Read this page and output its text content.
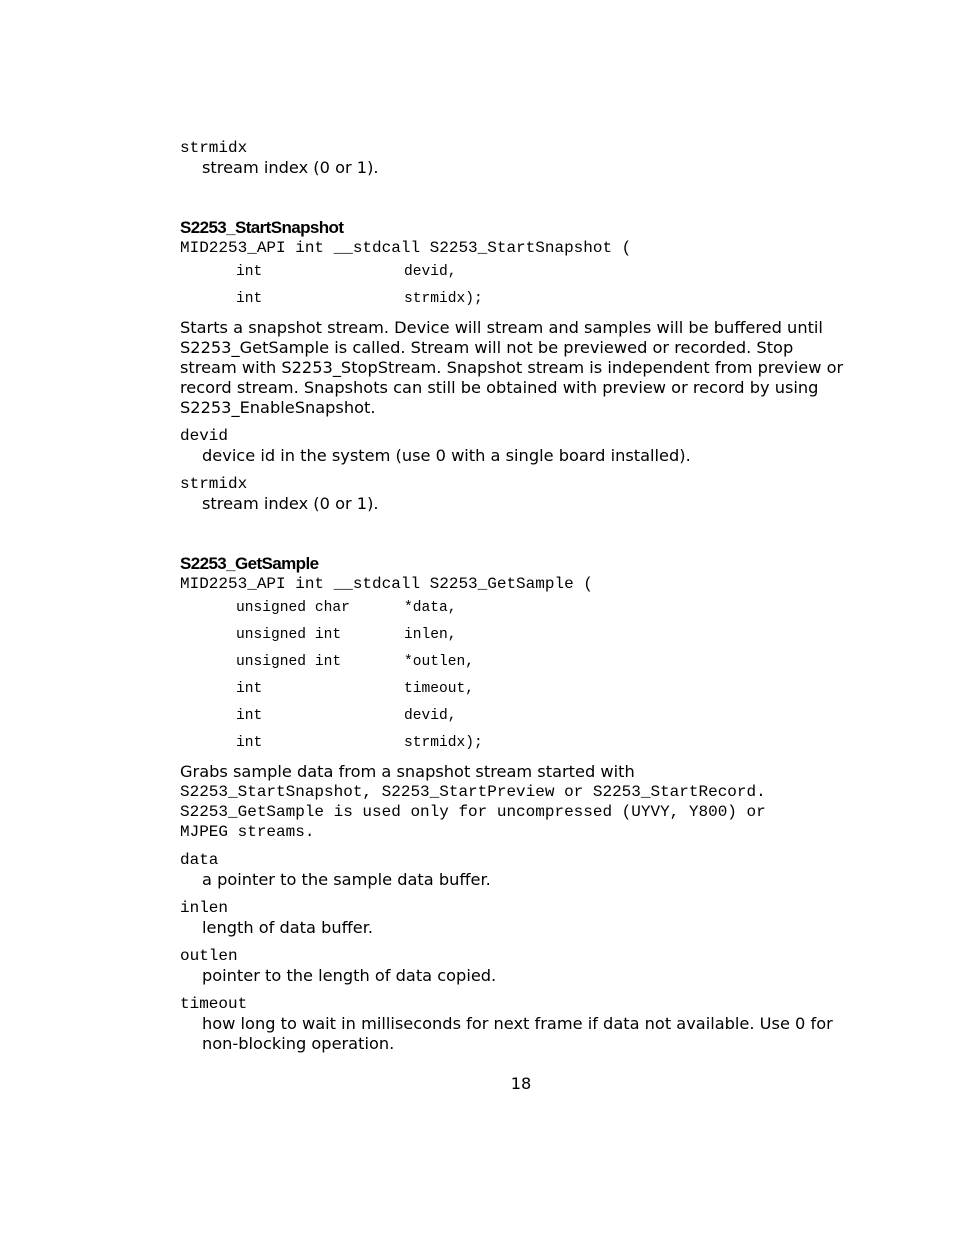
strmidx
stream index (0 or 1).
S2253_StartSnapshot
MID2253_API int __stdcall S2253_StartSnapshot (
int	devid,
int	strmidx);
Starts a snapshot stream. Device will stream and samples will be buffered until S2253_GetSample is called. Stream will not be previewed or recorded. Stop stream with S2253_StopStream. Snapshot stream is independent from preview or record stream. Snapshots can still be obtained with preview or record by using S2253_EnableSnapshot.
devid
device id in the system (use 0 with a single board installed).
strmidx
stream index (0 or 1).
S2253_GetSample
MID2253_API int __stdcall S2253_GetSample (
unsigned char	*data,
unsigned int	inlen,
unsigned int	*outlen,
int	timeout,
int	devid,
int	strmidx);
Grabs sample data from a snapshot stream started with
S2253_StartSnapshot, S2253_StartPreview or S2253_StartRecord.
S2253_GetSample is used only for uncompressed (UYVY, Y800) or
MJPEG streams.
data
a pointer to the sample data buffer.
inlen
length of data buffer.
outlen
pointer to the length of data copied.
timeout
how long to wait in milliseconds for next frame if data not available. Use 0 for non-blocking operation.
18
